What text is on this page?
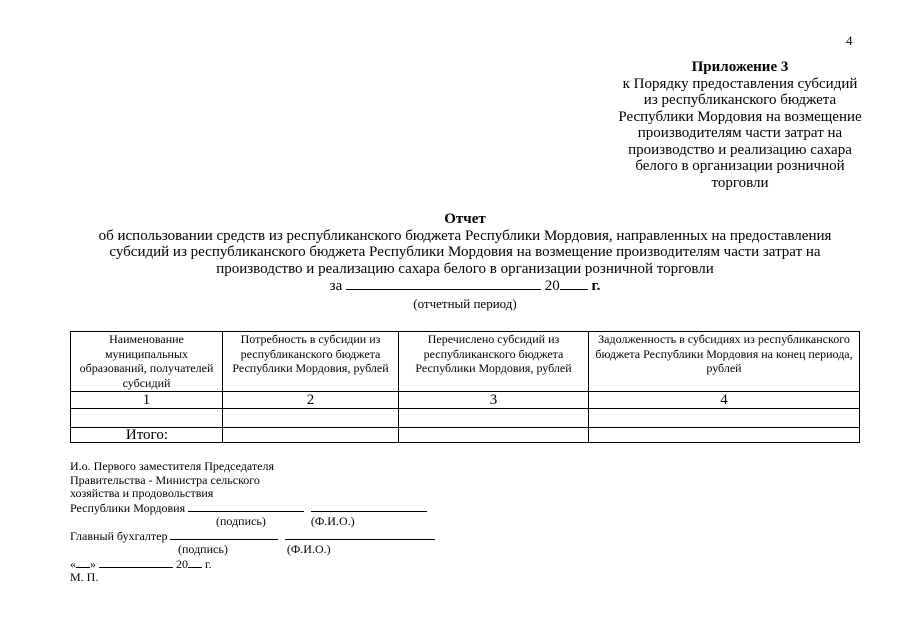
4
Приложение 3
к Порядку предоставления субсидий
из республиканского бюджета
Республики Мордовия на возмещение
производителям части затрат на
производство и реализацию сахара
белого в организации розничной
торговли
Отчет
об использовании средств из республиканского бюджета Республики Мордовия, направленных на предоставления
субсидий из республиканского бюджета Республики Мордовия на возмещение производителям части затрат на
производство и реализацию сахара белого в организации розничной торговли
за	20 г.
(отчетный период)
Наименование муниципальных образований, получателей субсидий	Потребность в субсидии из республиканского бюджета Республики Мордовия, рублей	Перечислено субсидий из республиканского бюджета Республики Мордовия, рублей	Задолженность в субсидиях из республиканского бюджета Республики Мордовия на конец периода, рублей
1	2	3	4

Итого:			
И.о. Первого заместителя Председателя
Правительства - Министра сельского
хозяйства и продовольствия
Республики Мордовия
(подпись)	(Ф.И.О.)
Главный бухгалтер
(подпись)	(Ф.И.О.)
« »	20 г.
М. П.
